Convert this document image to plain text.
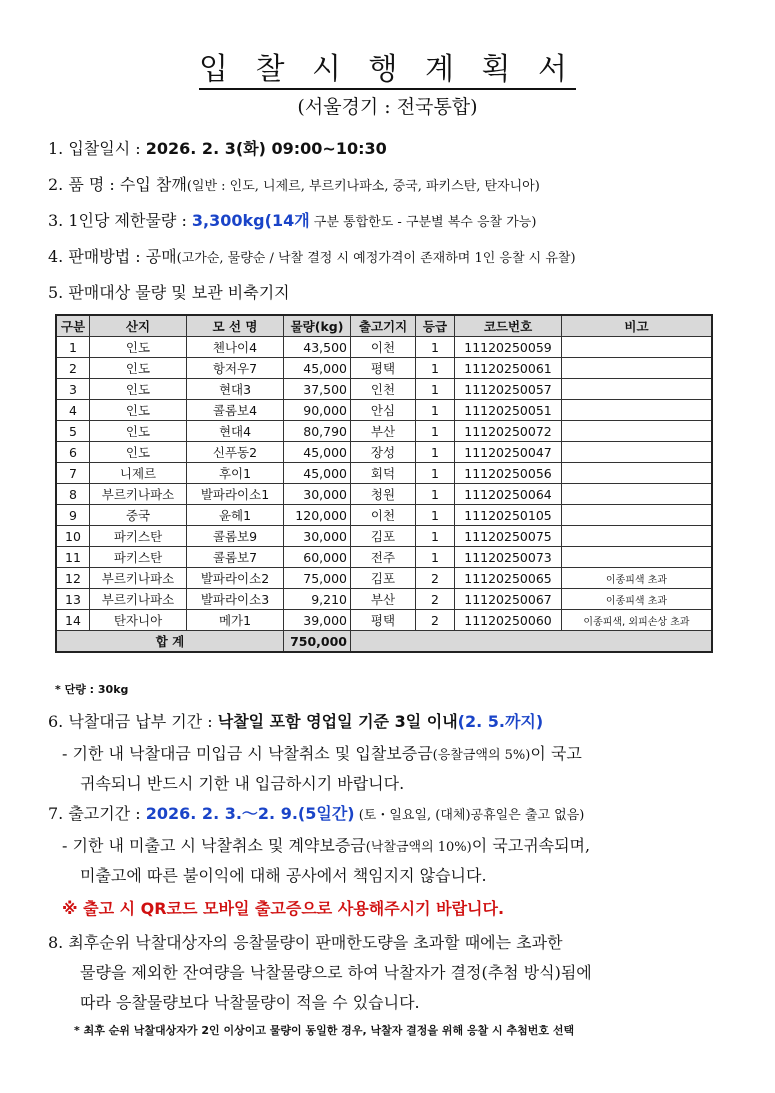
입 찰 시 행 계 획 서
(서울경기 : 전국통합)
1. 입찰일시 : 2026. 2. 3(화) 09:00~10:30
2. 품 명 : 수입 참깨(일반 : 인도, 니제르, 부르키나파소, 중국, 파키스탄, 탄자니아)
3. 1인당 제한물량 : 3,300kg(14개 구분 통합한도 - 구분별 복수 응찰 가능)
4. 판매방법 : 공매(고가순, 물량순 / 낙찰 결정 시 예정가격이 존재하며 1인 응찰 시 유찰)
5. 판매대상 물량 및 보관 비축기지
구분	산지	모 선 명	물량(kg)	출고기지	등급	코드번호	비고
1	인도	첸나이4	43,500	이천	1	11120250059	
2	인도	항저우7	45,000	평택	1	11120250061	
3	인도	현대3	37,500	인천	1	11120250057	
4	인도	콜롬보4	90,000	안심	1	11120250051	
5	인도	현대4	80,790	부산	1	11120250072	
6	인도	신푸동2	45,000	장성	1	11120250047	
7	니제르	후이1	45,000	회덕	1	11120250056	
8	부르키나파소	발파라이소1	30,000	청원	1	11120250064	
9	중국	윤헤1	120,000	이천	1	11120250105	
10	파키스탄	콜롬보9	30,000	김포	1	11120250075	
11	파키스탄	콜롬보7	60,000	전주	1	11120250073	
12	부르키나파소	발파라이소2	75,000	김포	2	11120250065	이종피색 초과
13	부르키나파소	발파라이소3	9,210	부산	2	11120250067	이종피색 초과
14	탄자니아	메가1	39,000	평택	2	11120250060	이종피색, 외피손상 초과
합 계			750,000				
* 단량 : 30kg
6. 낙찰대금 납부 기간 : 낙찰일 포함 영업일 기준 3일 이내(2. 5.까지)
- 기한 내 낙찰대금 미입금 시 낙찰취소 및 입찰보증금(응찰금액의 5%)이 국고
귀속되니 반드시 기한 내 입금하시기 바랍니다.
7. 출고기간 : 2026. 2. 3.～2. 9.(5일간) (토・일요일, (대체)공휴일은 출고 없음)
- 기한 내 미출고 시 낙찰취소 및 계약보증금(낙찰금액의 10%)이 국고귀속되며,
미출고에 따른 불이익에 대해 공사에서 책임지지 않습니다.
※ 출고 시 QR코드 모바일 출고증으로 사용해주시기 바랍니다.
8. 최후순위 낙찰대상자의 응찰물량이 판매한도량을 초과할 때에는 초과한
물량을 제외한 잔여량을 낙찰물량으로 하여 낙찰자가 결정(추첨 방식)됨에
따라 응찰물량보다 낙찰물량이 적을 수 있습니다.
* 최후 순위 낙찰대상자가 2인 이상이고 물량이 동일한 경우, 낙찰자 결정을 위해 응찰 시 추첨번호 선택
